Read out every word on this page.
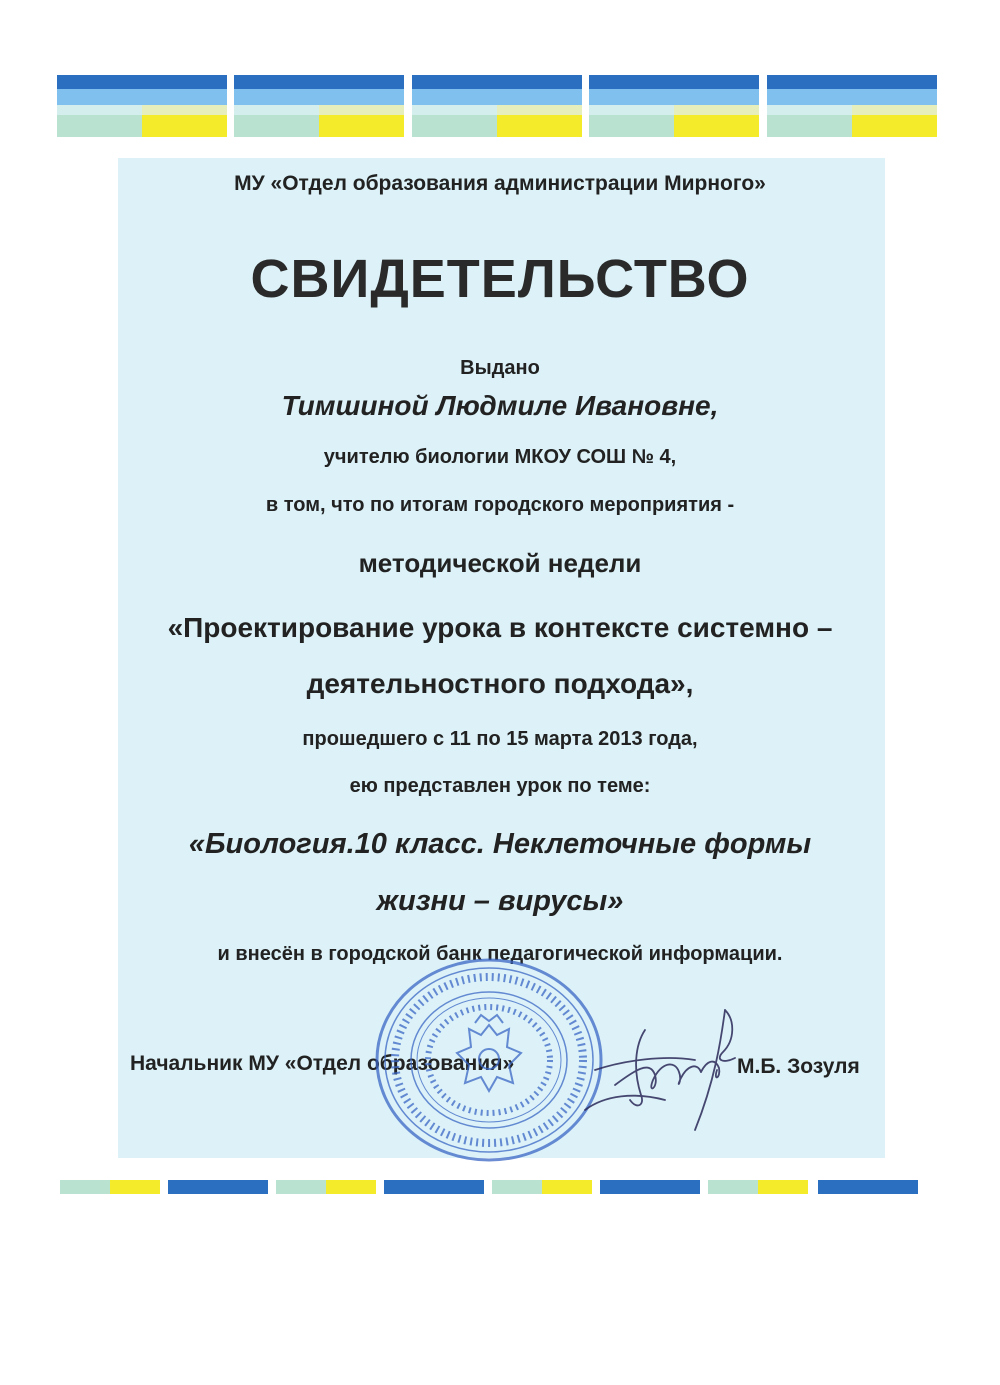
МУ «Отдел образования администрации Мирного»
СВИДЕТЕЛЬСТВО
Выдано
Тимшиной Людмиле Ивановне,
учителю биологии МКОУ СОШ № 4,
в том, что по итогам городского мероприятия -
методической недели
«Проектирование урока в контексте системно –
деятельностного подхода»,
прошедшего с 11 по 15 марта 2013 года,
ею представлен урок по теме:
«Биология.10 класс. Неклеточные формы
жизни – вирусы»
и внесён в городской банк педагогической информации.
Начальник МУ «Отдел образования»	М.Б. Зозуля
